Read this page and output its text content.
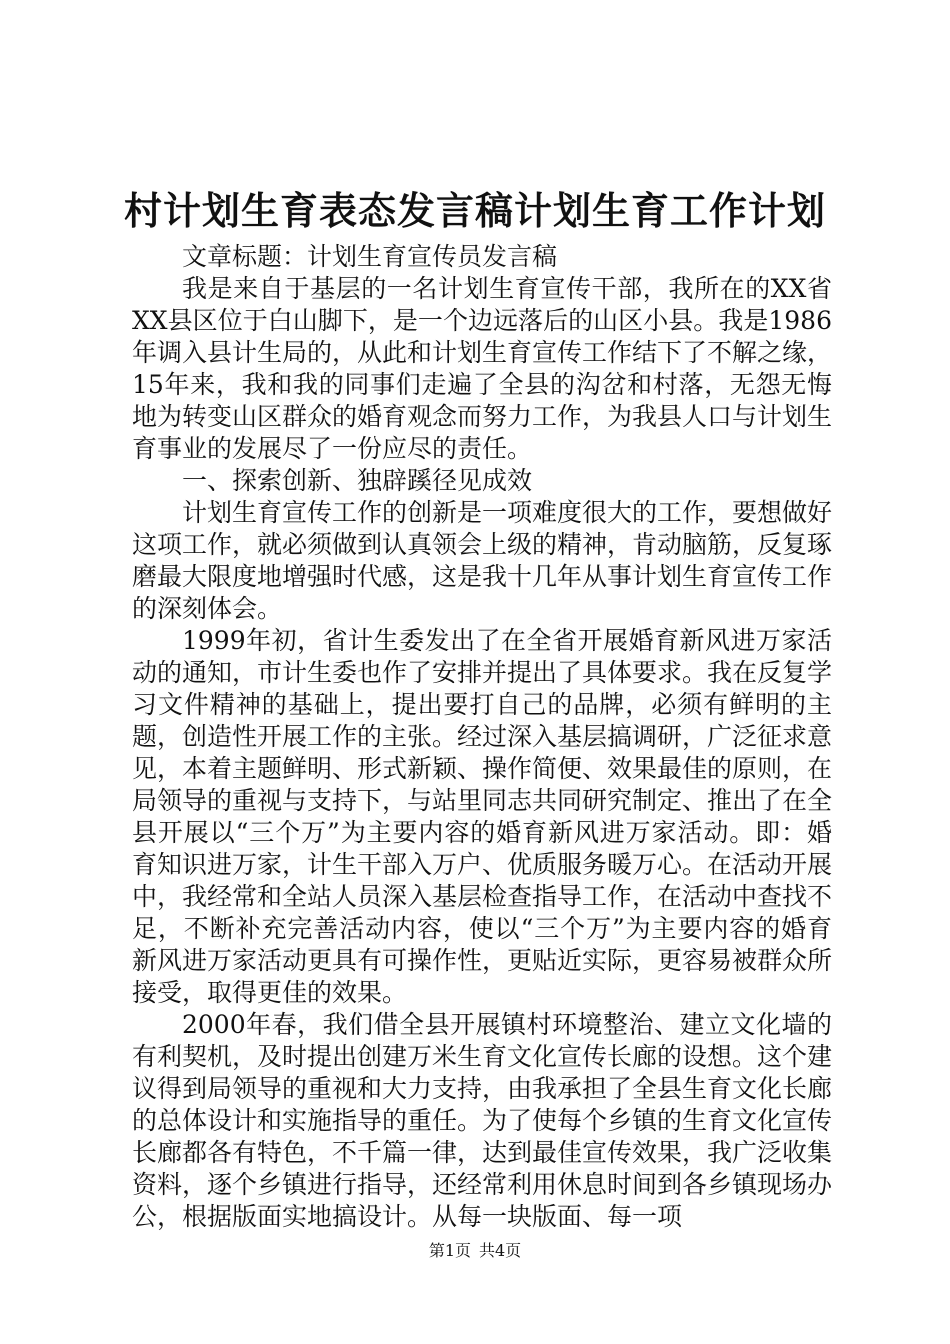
村计划生育表态发言稿计划生育工作计划

文章标题：计划生育宣传员发言稿

我是来自于基层的一名计划生育宣传干部，我所在的XX省XX县区位于白山脚下，是一个边远落后的山区小县。我是1986年调入县计生局的，从此和计划生育宣传工作结下了不解之缘，15年来，我和我的同事们走遍了全县的沟岔和村落，无怨无悔地为转变山区群众的婚育观念而努力工作，为我县人口与计划生育事业的发展尽了一份应尽的责任。

一、探索创新、独辟蹊径见成效

计划生育宣传工作的创新是一项难度很大的工作，要想做好这项工作，就必须做到认真领会上级的精神，肯动脑筋，反复琢磨最大限度地增强时代感，这是我十几年从事计划生育宣传工作的深刻体会。

1999年初，省计生委发出了在全省开展婚育新风进万家活动的通知，市计生委也作了安排并提出了具体要求。我在反复学习文件精神的基础上，提出要打自己的品牌，必须有鲜明的主题，创造性开展工作的主张。经过深入基层搞调研，广泛征求意见，本着主题鲜明、形式新颖、操作简便、效果最佳的原则，在局领导的重视与支持下，与站里同志共同研究制定、推出了在全县开展以“三个万”为主要内容的婚育新风进万家活动。即：婚育知识进万家，计生干部入万户、优质服务暖万心。在活动开展中，我经常和全站人员深入基层检查指导工作，在活动中查找不足，不断补充完善活动内容，使以“三个万”为主要内容的婚育新风进万家活动更具有可操作性，更贴近实际，更容易被群众所接受，取得更佳的效果。

2000年春，我们借全县开展镇村环境整治、建立文化墙的有利契机，及时提出创建万米生育文化宣传长廊的设想。这个建议得到局领导的重视和大力支持，由我承担了全县生育文化长廊的总体设计和实施指导的重任。为了使每个乡镇的生育文化宣传长廊都各有特色，不千篇一律，达到最佳宣传效果，我广泛收集资料，逐个乡镇进行指导，还经常利用休息时间到各乡镇现场办公，根据版面实地搞设计。从每一块版面、每一项

第1页 共4页
